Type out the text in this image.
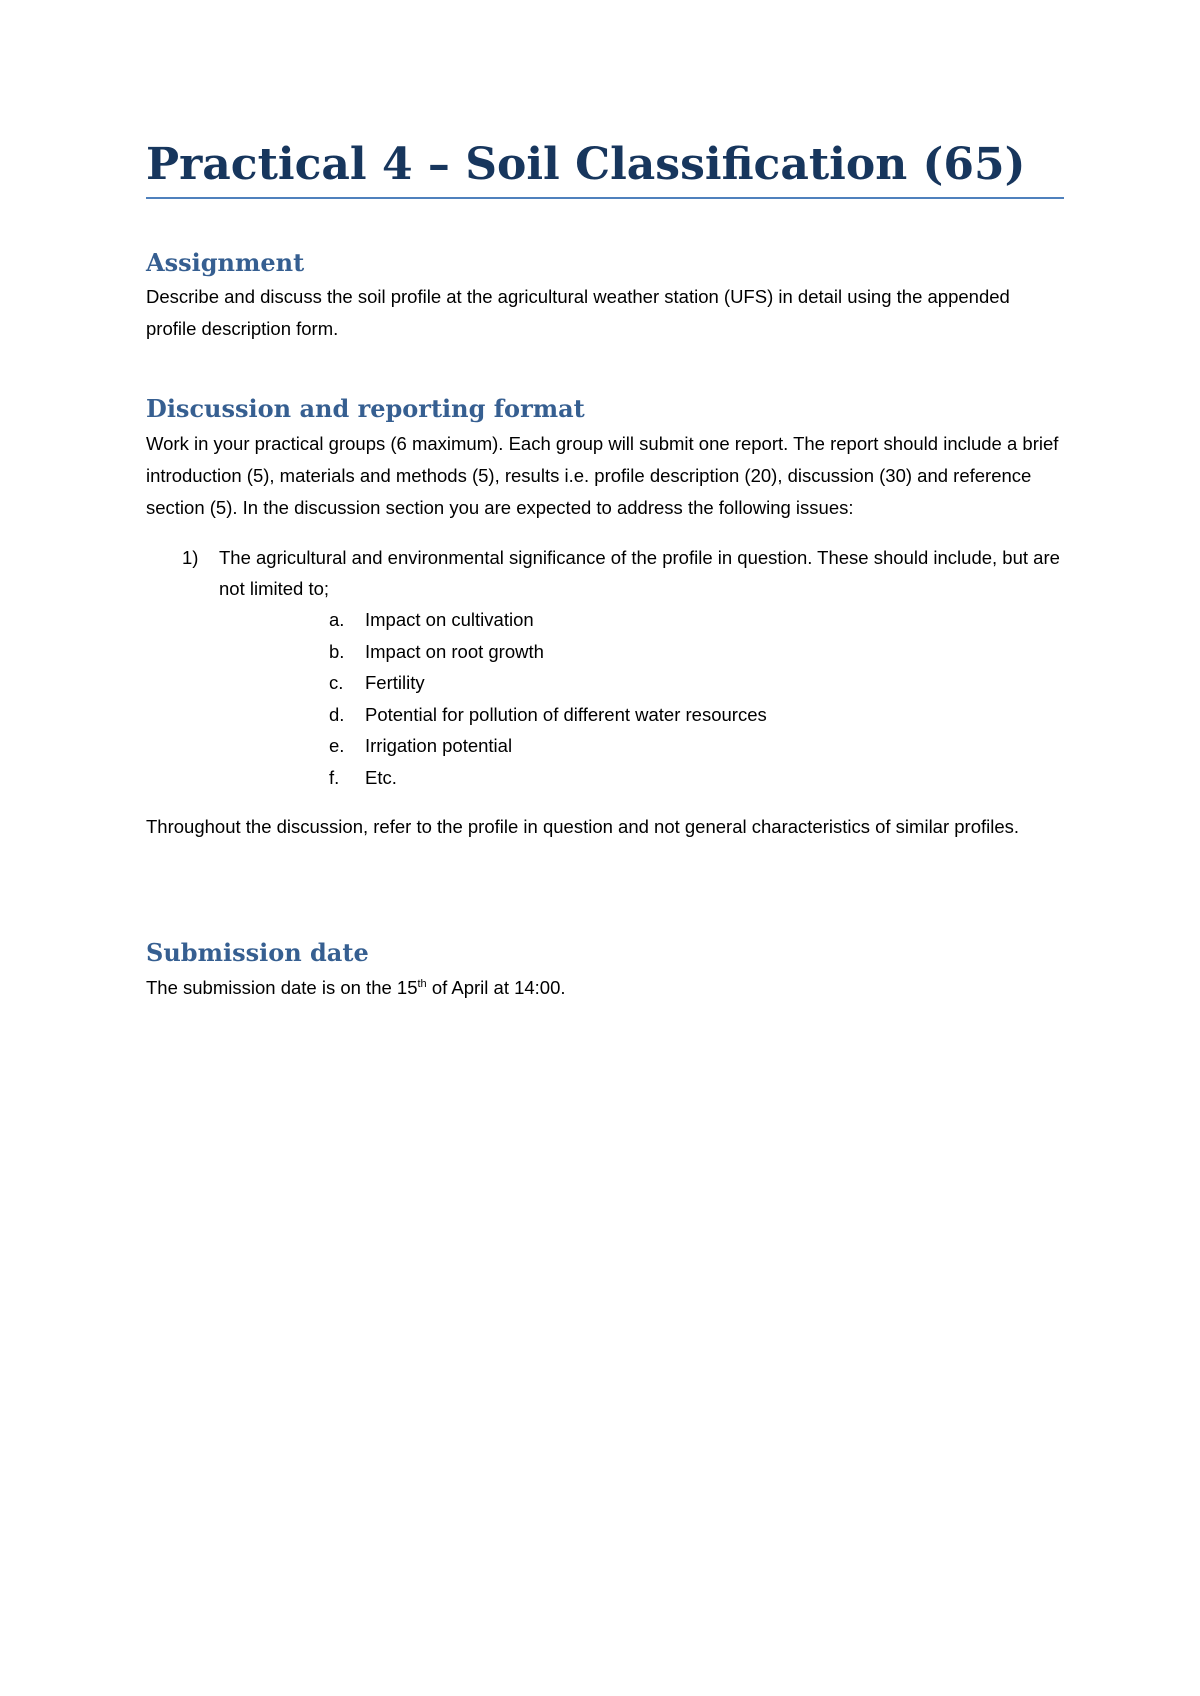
Practical 4 – Soil Classification (65)
Assignment

Describe and discuss the soil profile at the agricultural weather station (UFS) in detail using the appended profile description form.

Discussion and reporting format

Work in your practical groups (6 maximum). Each group will submit one report. The report should include a brief introduction (5), materials and methods (5), results i.e. profile description (20), discussion (30) and reference section (5). In the discussion section you are expected to address the following issues:

1) The agricultural and environmental significance of the profile in question. These should include, but are not limited to;
a. Impact on cultivation
b. Impact on root growth
c. Fertility
d. Potential for pollution of different water resources
e. Irrigation potential
f. Etc.

Throughout the discussion, refer to the profile in question and not general characteristics of similar profiles.

Submission date

The submission date is on the 15th of April at 14:00.
